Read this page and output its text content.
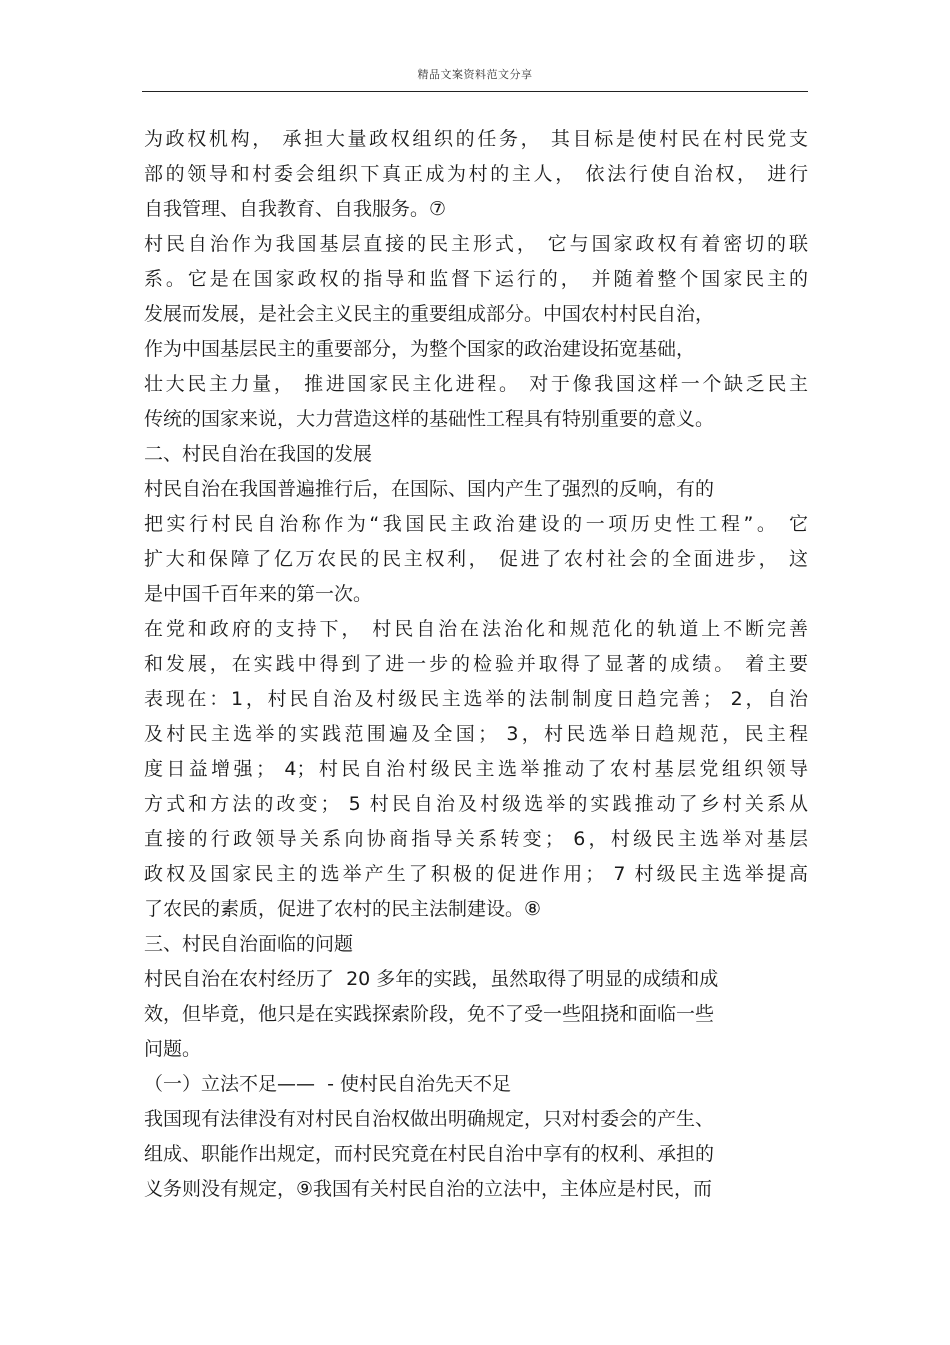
精品文案资料范文分享
为政权机构， 承担大量政权组织的任务， 其目标是使村民在村民党支
部的领导和村委会组织下真正成为村的主人， 依法行使自治权， 进行
自我管理、自我教育、自我服务。⑦
村民自治作为我国基层直接的民主形式， 它与国家政权有着密切的联
系。它是在国家政权的指导和监督下运行的， 并随着整个国家民主的
发展而发展，是社会主义民主的重要组成部分。中国农村村民自治，
作为中国基层民主的重要部分，为整个国家的政治建设拓宽基础，
壮大民主力量， 推进国家民主化进程。 对于像我国这样一个缺乏民主
传统的国家来说，大力营造这样的基础性工程具有特别重要的意义。
二、村民自治在我国的发展
村民自治在我国普遍推行后，在国际、国内产生了强烈的反响，有的
把实行村民自治称作为“我国民主政治建设的一项历史性工程”。 它
扩大和保障了亿万农民的民主权利， 促进了农村社会的全面进步， 这
是中国千百年来的第一次。
在党和政府的支持下， 村民自治在法治化和规范化的轨道上不断完善
和发展，在实践中得到了进一步的检验并取得了显著的成绩。 着主要
表现在：1，村民自治及村级民主选举的法制制度日趋完善； 2，自治
及村民主选举的实践范围遍及全国； 3，村民选举日趋规范，民主程
度日益增强； 4；村民自治村级民主选举推动了农村基层党组织领导
方式和方法的改变； 5 村民自治及村级选举的实践推动了乡村关系从
直接的行政领导关系向协商指导关系转变； 6，村级民主选举对基层
政权及国家民主的选举产生了积极的促进作用； 7 村级民主选举提高
了农民的素质，促进了农村的民主法制建设。⑧
三、村民自治面临的问题
村民自治在农村经历了  20 多年的实践，虽然取得了明显的成绩和成
效，但毕竟，他只是在实践探索阶段，免不了受一些阻挠和面临一些
问题。
（一）立法不足——  - 使村民自治先天不足
我国现有法律没有对村民自治权做出明确规定，只对村委会的产生、
组成、职能作出规定，而村民究竟在村民自治中享有的权利、承担的
义务则没有规定，⑨我国有关村民自治的立法中，主体应是村民，而
